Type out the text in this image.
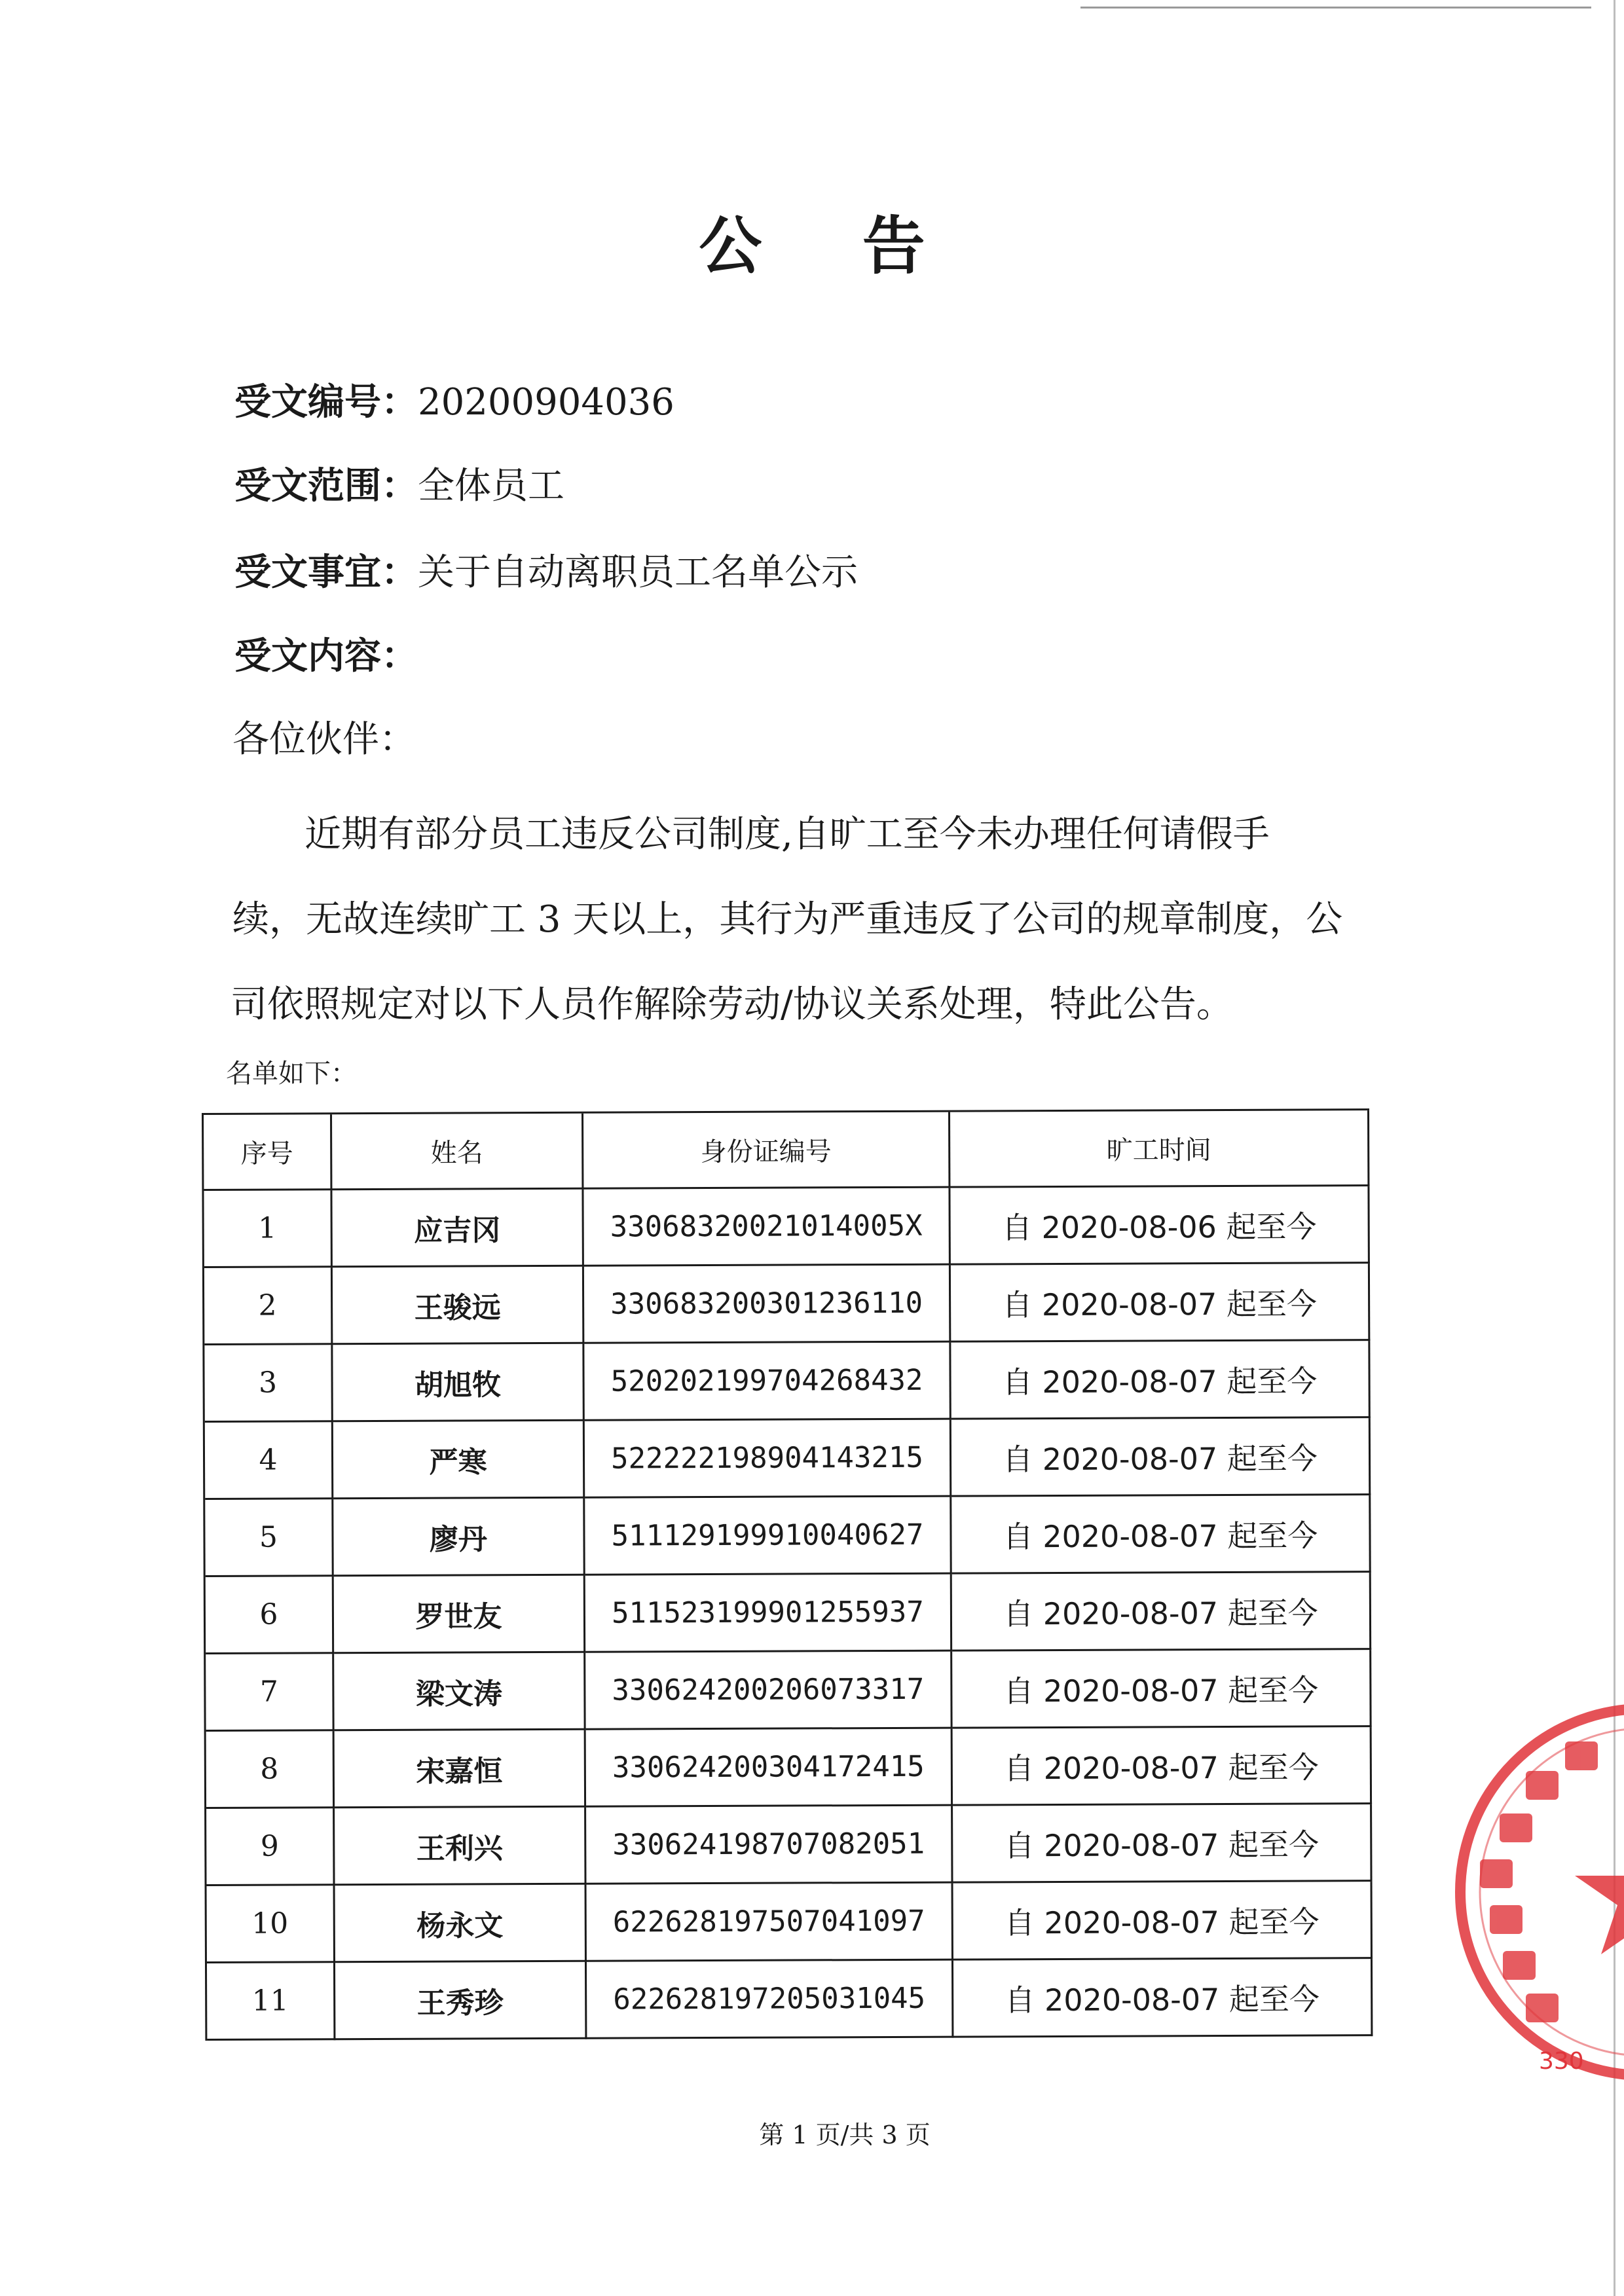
公 告
受文编号：20200904036
受文范围：全体员工
受文事宜：关于自动离职员工名单公示
受文内容：
各位伙伴：
近期有部分员工违反公司制度,自旷工至今未办理任何请假手
续，无故连续旷工 3 天以上，其行为严重违反了公司的规章制度，公
司依照规定对以下人员作解除劳动/协议关系处理，特此公告。
名单如下：
序号	姓名	身份证编号	旷工时间
1	应吉冈	33068320021014005X	自 2020-08-06 起至今
2	王骏远	330683200301236110	自 2020-08-07 起至今
3	胡旭牧	520202199704268432	自 2020-08-07 起至今
4	严寒	522222198904143215	自 2020-08-07 起至今
5	廖丹	511129199910040627	自 2020-08-07 起至今
6	罗世友	511523199901255937	自 2020-08-07 起至今
7	梁文涛	330624200206073317	自 2020-08-07 起至今
8	宋嘉恒	330624200304172415	自 2020-08-07 起至今
9	王利兴	330624198707082051	自 2020-08-07 起至今
10	杨永文	622628197507041097	自 2020-08-07 起至今
11	王秀珍	622628197205031045	自 2020-08-07 起至今
第 1 页/共 3 页
330
